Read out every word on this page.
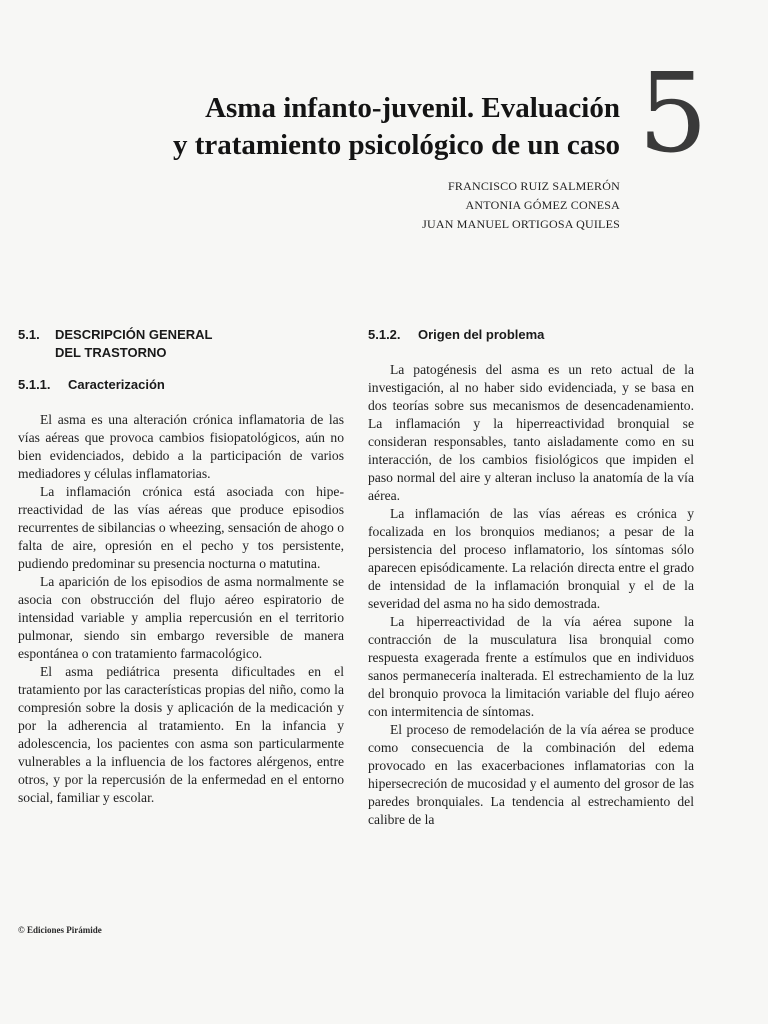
Asma infanto-juvenil. Evaluación
y tratamiento psicológico de un caso 5
FRANCISCO RUIZ SALMERÓN
ANTONIA GÓMEZ CONESA
JUAN MANUEL ORTIGOSA QUILES
5.1.	DESCRIPCIÓN GENERAL
DEL TRASTORNO
5.1.1.	Caracterización

El asma es una alteración crónica inflamatoria de las vías aéreas que provoca cambios fisiopatológicos, aún no bien evidenciados, debido a la participación de varios mediadores y células inflamatorias.

La inflamación crónica está asociada con hiperreactividad de las vías aéreas que produce episodios recurrentes de sibilancias o wheezing, sensación de ahogo o falta de aire, opresión en el pecho y tos persistente, pudiendo predominar su presencia nocturna o matutina.

La aparición de los episodios de asma normalmente se asocia con obstrucción del flujo aéreo espiratorio de intensidad variable y amplia repercusión en el territorio pulmonar, siendo sin embargo reversible de manera espontánea o con tratamiento farmacológico.

El asma pediátrica presenta dificultades en el tratamiento por las características propias del niño, como la compresión sobre la dosis y aplicación de la medicación y por la adherencia al tratamiento. En la infancia y adolescencia, los pacientes con asma son particularmente vulnerables a la influencia de los factores alérgenos, entre otros, y por la repercusión de la enfermedad en el entorno social, familiar y escolar.

5.1.2.	Origen del problema

La patogénesis del asma es un reto actual de la investigación, al no haber sido evidenciada, y se basa en dos teorías sobre sus mecanismos de desencadenamiento. La inflamación y la hiperreactividad bronquial se consideran responsables, tanto aisladamente como en su interacción, de los cambios fisiológicos que impiden el paso normal del aire y alteran incluso la anatomía de la vía aérea.

La inflamación de las vías aéreas es crónica y focalizada en los bronquios medianos; a pesar de la persistencia del proceso inflamatorio, los síntomas sólo aparecen episódicamente. La relación directa entre el grado de intensidad de la inflamación bronquial y el de la severidad del asma no ha sido demostrada.

La hiperreactividad de la vía aérea supone la contracción de la musculatura lisa bronquial como respuesta exagerada frente a estímulos que en individuos sanos permanecería inalterada. El estrechamiento de la luz del bronquio provoca la limitación variable del flujo aéreo con intermitencia de síntomas.

El proceso de remodelación de la vía aérea se produce como consecuencia de la combinación del edema provocado en las exacerbaciones inflamatorias con la hipersecreción de mucosidad y el aumento del grosor de las paredes bronquiales. La tendencia al estrechamiento del calibre de la

© Ediciones Pirámide
